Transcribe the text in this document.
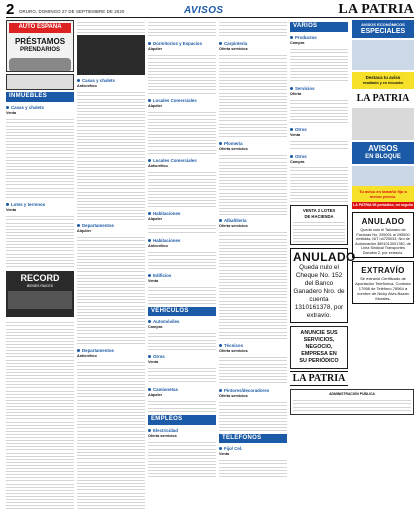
2 ORURO, DOMINGO 27 DE SEPTIEMBRE DE 2020	AVISOS	LA PATRIA
AUTO ESPAÑA
PRÉSTAMOS
PRENDARIOS
INMUEBLES
Casas y chalets
Venta
Lotes y terrenos
Venta
RECORD
BIENES RAICES
Casas y chalets
Anticrético
Departamentos
Alquiler
Departamentos
Anticrético
Dormitorios y Espacios
Alquiler
Locales Comerciales
Alquiler
Locales Comerciales
Anticrético
Habitaciones
Alquiler
Habitaciones
Anticrético
Edificios
Venta
VEHÍCULOS
Automóviles
Compra
Otros
Venta
Camionetas
Alquiler
EMPLEOS
Electricidad
Oferta servicios
Carpintería
Oferta servicios
Plomería
Oferta servicios
Albañilería
Oferta servicios
Técnicos
Oferta servicios
Pintores/decoradores
Oferta servicios
TELÉFONOS
Fijo/ Cel.
Venta
VARIOS
Productos
Compra
Servicios
Oferta
Otros
Venta
Otros
Compra
VENTA 2 LOTES
DE HACIENDA
ANULADO
Queda nulo el Cheque No. 152 del Banco Ganadero Nro. de cuenta 1310161378, por extravío.
ANUNCIE SUS
SERVICIOS,
NEGOCIO,
EMPRESA EN
SU PERIÓDICO
LA PATRIA
AVISOS ECONÓMICOS
ESPECIALES
Destaca tu aviso
resaltado y en recuadro
LA PATRIA
AVISOS
EN BLOQUE
Tu aviso en tamaño fijo a menor precio.
LA PATRIA 95 periódico, mi orgullo
ANULADO
Queda nulo el Talonario de Facturas No. 295001 al 295500 emitidas, NIT n4725033, Nro de Autorización 3891013001780, de Lima Sindical Transportes Danubio 2, por extravío.
EXTRAVÍO
Se extravió Certificado de Aportación Telefónica, Contrato 17958 de Teléfono 78564 a nombre de Nicky Alvis Bazan Morales.
ADMINISTRACIÓN PÚBLICA
